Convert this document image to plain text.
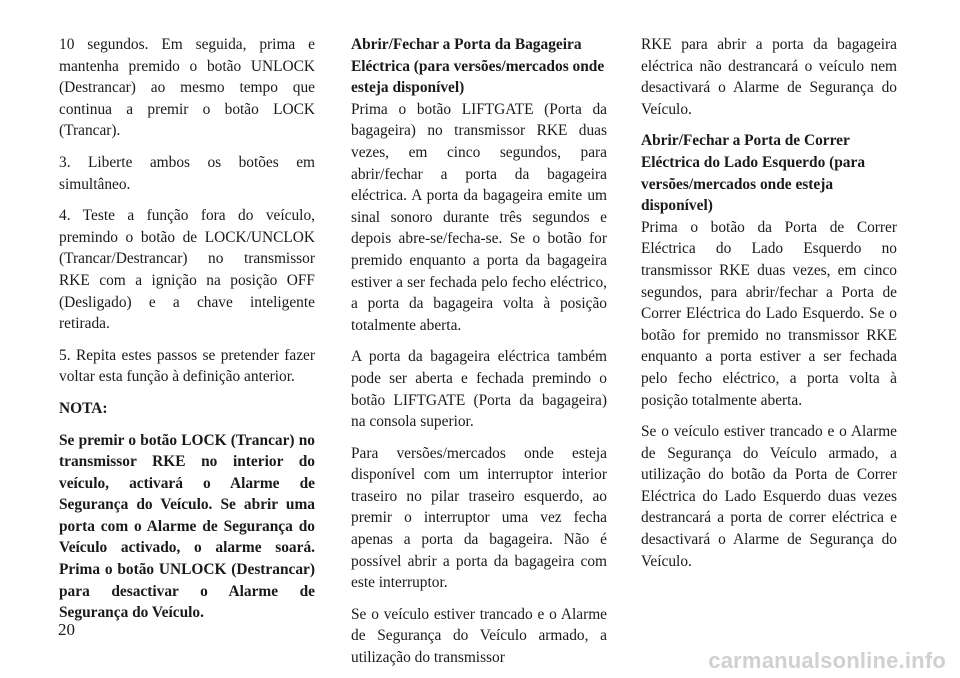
10 segundos. Em seguida, prima e mantenha premido o botão UNLOCK (Destrancar) ao mesmo tempo que continua a premir o botão LOCK (Trancar).

3. Liberte ambos os botões em simultâneo.

4. Teste a função fora do veículo, premindo o botão de LOCK/UNCLOK (Trancar/Destrancar) no transmissor RKE com a ignição na posição OFF (Desligado) e a chave inteligente retirada.

5. Repita estes passos se pretender fazer voltar esta função à definição anterior.

NOTA:

Se premir o botão LOCK (Trancar) no transmissor RKE no interior do veículo, activará o Alarme de Segurança do Veículo. Se abrir uma porta com o Alarme de Segurança do Veículo activado, o alarme soará. Prima o botão UNLOCK (Destrancar) para desactivar o Alarme de Segurança do Veículo.

Abrir/Fechar a Porta da Bagageira Eléctrica (para versões/mercados onde esteja disponível)

Prima o botão LIFTGATE (Porta da bagageira) no transmissor RKE duas vezes, em cinco segundos, para abrir/fechar a porta da bagageira eléctrica. A porta da bagageira emite um sinal sonoro durante três segundos e depois abre-se/fecha-se. Se o botão for premido enquanto a porta da bagageira estiver a ser fechada pelo fecho eléctrico, a porta da bagageira volta à posição totalmente aberta.

A porta da bagageira eléctrica também pode ser aberta e fechada premindo o botão LIFTGATE (Porta da bagageira) na consola superior.

Para versões/mercados onde esteja disponível com um interruptor interior traseiro no pilar traseiro esquerdo, ao premir o interruptor uma vez fecha apenas a porta da bagageira. Não é possível abrir a porta da bagageira com este interruptor.

Se o veículo estiver trancado e o Alarme de Segurança do Veículo armado, a utilização do transmissor

RKE para abrir a porta da bagageira eléctrica não destrancará o veículo nem desactivará o Alarme de Segurança do Veículo.

Abrir/Fechar a Porta de Correr Eléctrica do Lado Esquerdo (para versões/mercados onde esteja disponível)

Prima o botão da Porta de Correr Eléctrica do Lado Esquerdo no transmissor RKE duas vezes, em cinco segundos, para abrir/fechar a Porta de Correr Eléctrica do Lado Esquerdo. Se o botão for premido no transmissor RKE enquanto a porta estiver a ser fechada pelo fecho eléctrico, a porta volta à posição totalmente aberta.

Se o veículo estiver trancado e o Alarme de Segurança do Veículo armado, a utilização do botão da Porta de Correr Eléctrica do Lado Esquerdo duas vezes destrancará a porta de correr eléctrica e desactivará o Alarme de Segurança do Veículo.

20
carmanualsonline.info
